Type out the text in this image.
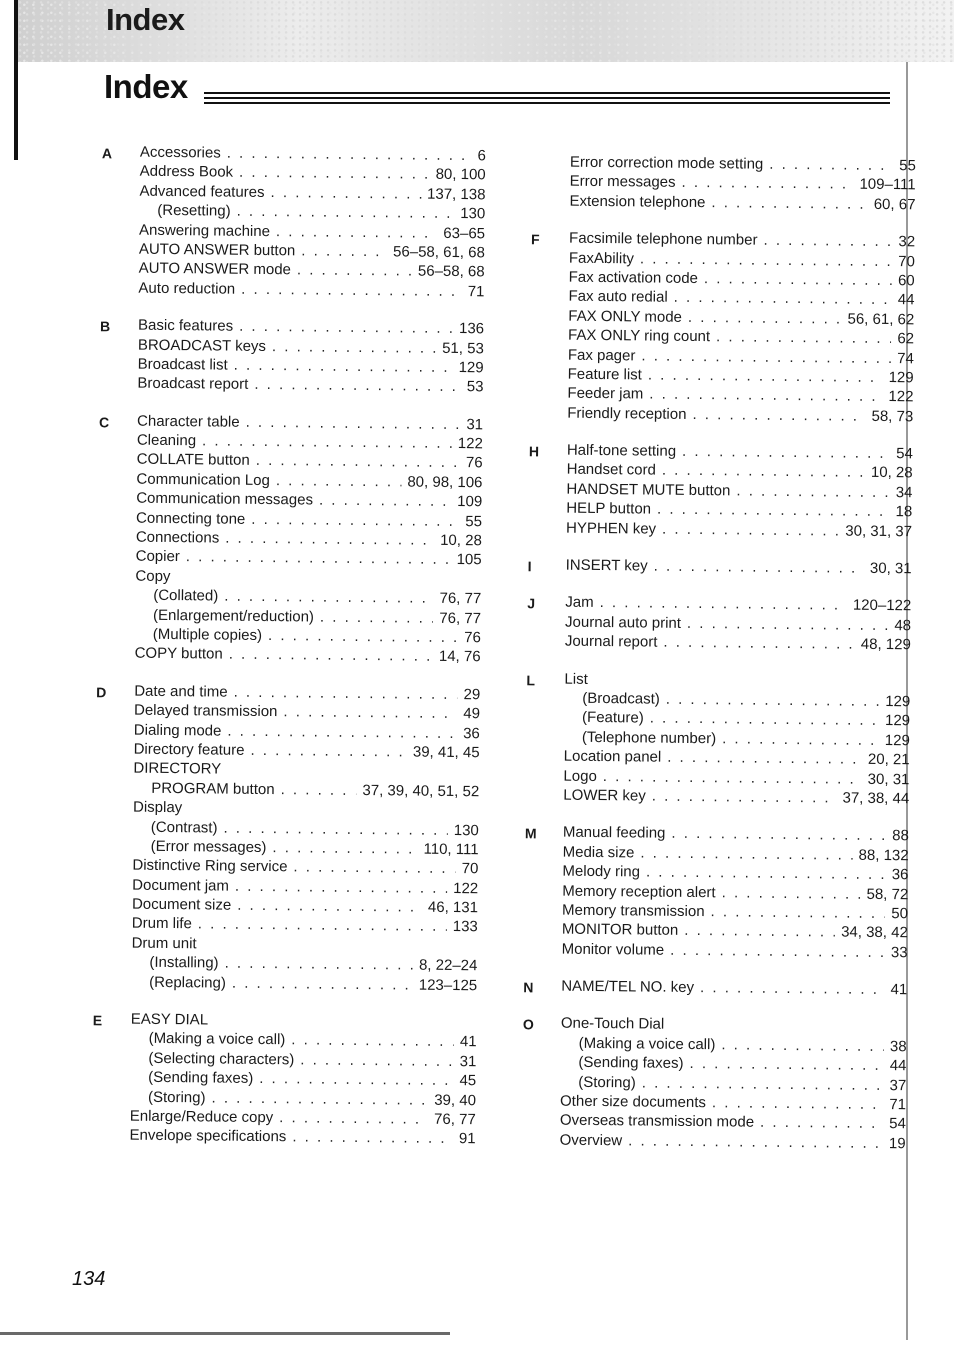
Index
Index
A	Accessories . . .	6
Address Book . . .	80, 100
Advanced features . . .	137, 138
(Resetting) . . .	130
Answering machine . . .	63–65
AUTO ANSWER button . . .	56–58, 61, 68
AUTO ANSWER mode . . .	56–58, 68
Auto reduction . . .	71
B	Basic features . . .	136
BROADCAST keys . . .	51, 53
Broadcast list . . .	129
Broadcast report . . .	53
C	Character table . . .	31
Cleaning . . .	122
COLLATE button . . .	76
Communication Log . . .	80, 98, 106
Communication messages . . .	109
Connecting tone . . .	55
Connections . . .	10, 28
Copier . . .	105
Copy
(Collated) . . .	76, 77
(Enlargement/reduction) . . .	76, 77
(Multiple copies) . . .	76
COPY button . . .	14, 76
D	Date and time . . .	29
Delayed transmission . . .	49
Dialing mode . . .	36
Directory feature . . .	39, 41, 45
DIRECTORY
PROGRAM button . . .	37, 39, 40, 51, 52
Display
(Contrast) . . .	130
(Error messages) . . .	110, 111
Distinctive Ring service . . .	70
Document jam . . .	122
Document size . . .	46, 131
Drum life . . .	133
Drum unit
(Installing) . . .	8, 22–24
(Replacing) . . .	123–125
E	EASY DIAL
(Making a voice call) . . .	41
(Selecting characters) . . .	31
(Sending faxes) . . .	45
(Storing) . . .	39, 40
Enlarge/Reduce copy . . .	76, 77
Envelope specifications . . .	91
Error correction mode setting . . .	55
Error messages . . .	109–111
Extension telephone . . .	60, 67
F	Facsimile telephone number . . .	32
FaxAbility . . .	70
Fax activation code . . .	60
Fax auto redial . . .	44
FAX ONLY mode . . .	56, 61, 62
FAX ONLY ring count . . .	62
Fax pager . . .	74
Feature list . . .	129
Feeder jam . . .	122
Friendly reception . . .	58, 73
H	Half-tone setting . . .	54
Handset cord . . .	10, 28
HANDSET MUTE button . . .	34
HELP button . . .	18
HYPHEN key . . .	30, 31, 37
I	INSERT key . . .	30, 31
J	Jam . . .	120–122
Journal auto print . . .	48
Journal report . . .	48, 129
L	List
(Broadcast) . . .	129
(Feature) . . .	129
(Telephone number) . . .	129
Location panel . . .	20, 21
Logo . . .	30, 31
LOWER key . . .	37, 38, 44
M	Manual feeding . . .	88
Media size . . .	88, 132
Melody ring . . .	36
Memory reception alert . . .	58, 72
Memory transmission . . .	50
MONITOR button . . .	34, 38, 42
Monitor volume . . .	33
N	NAME/TEL NO. key . . .	41
O	One-Touch Dial
(Making a voice call) . . .	38
(Sending faxes) . . .	44
(Storing) . . .	37
Other size documents . . .	71
Overseas transmission mode . . .	54
Overview . . .	19
134
